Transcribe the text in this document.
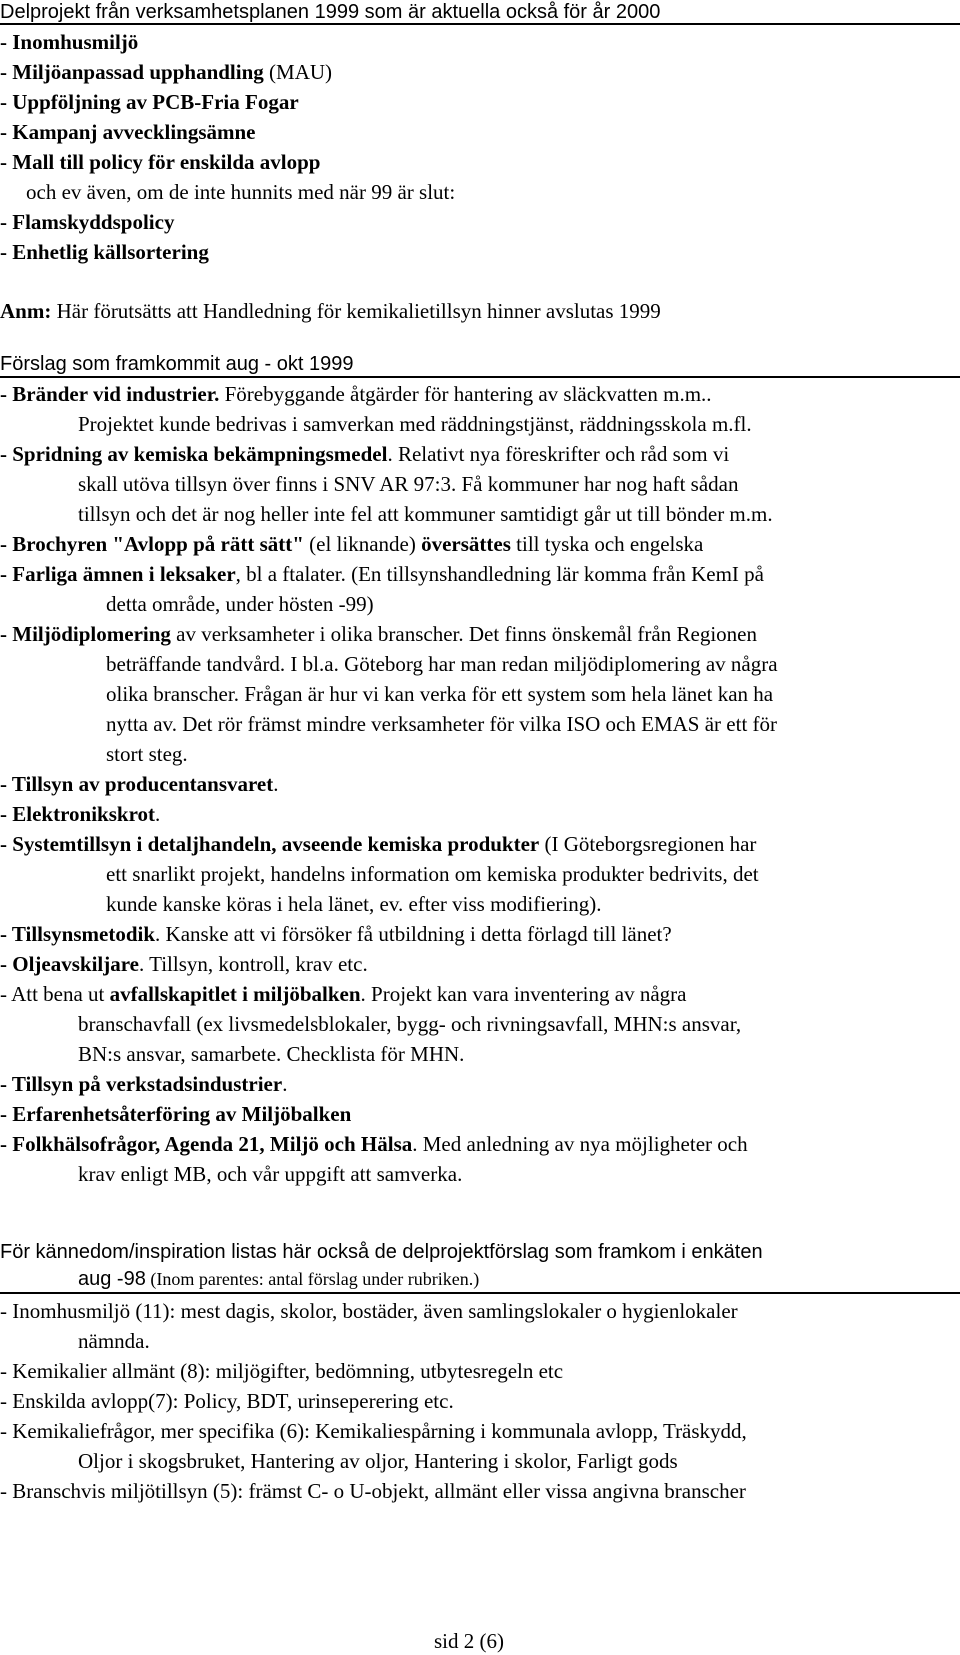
Delprojekt från verksamhetsplanen 1999 som är aktuella också för år 2000
- Inomhusmiljö
- Miljöanpassad upphandling (MAU)
- Uppföljning av PCB-Fria Fogar
- Kampanj avvecklingsämne
- Mall till policy för enskilda avlopp
och ev även, om de inte hunnits med när 99 är slut:
- Flamskyddspolicy
- Enhetlig källsortering
Anm: Här förutsätts att Handledning för kemikalietillsyn hinner avslutas 1999
Förslag som framkommit aug - okt 1999
- Bränder vid industrier. Förebyggande åtgärder för hantering av släckvatten m.m..
Projektet kunde bedrivas i samverkan med räddningstjänst, räddningsskola m.fl.
- Spridning av kemiska bekämpningsmedel. Relativt nya föreskrifter och råd som vi
skall utöva tillsyn över finns i SNV AR 97:3. Få kommuner har nog haft sådan
tillsyn och det är nog heller inte fel att kommuner samtidigt går ut till bönder m.m.
- Brochyren "Avlopp på rätt sätt" (el liknande) översättes till tyska och engelska
- Farliga ämnen i leksaker, bl a ftalater. (En tillsynshandledning lär komma från KemI på
detta område, under hösten -99)
- Miljödiplomering av verksamheter i olika branscher. Det finns önskemål från Regionen
beträffande tandvård. I bl.a. Göteborg har man redan miljödiplomering av några
olika branscher. Frågan är hur vi kan verka för ett system som hela länet kan ha
nytta av. Det rör främst mindre verksamheter för vilka ISO och EMAS är ett för
stort steg.
- Tillsyn av producentansvaret.
- Elektronikskrot.
- Systemtillsyn i detaljhandeln, avseende kemiska produkter (I Göteborgsregionen har
ett snarlikt projekt, handelns information om kemiska produkter bedrivits, det
kunde kanske köras i hela länet, ev. efter viss modifiering).
- Tillsynsmetodik. Kanske att vi försöker få utbildning i detta förlagd till länet?
- Oljeavskiljare. Tillsyn, kontroll, krav etc.
- Att bena ut avfallskapitlet i miljöbalken. Projekt kan vara inventering av några
branschavfall (ex livsmedelsblokaler, bygg- och rivningsavfall, MHN:s ansvar,
BN:s ansvar, samarbete. Checklista för MHN.
- Tillsyn på verkstadsindustrier.
- Erfarenhetsåterföring av Miljöbalken
- Folkhälsofrågor, Agenda 21, Miljö och Hälsa. Med anledning av nya möjligheter och
krav enligt MB, och vår uppgift att samverka.
För kännedom/inspiration listas här också de delprojektförslag som framkom i enkäten
aug -98 (Inom parentes: antal förslag under rubriken.)
- Inomhusmiljö (11): mest dagis, skolor, bostäder, även samlingslokaler o hygienlokaler
nämnda.
- Kemikalier allmänt (8): miljögifter, bedömning, utbytesregeln etc
- Enskilda avlopp(7): Policy, BDT, urinseperering etc.
- Kemikaliefrågor, mer specifika (6): Kemikaliespårning i kommunala avlopp, Träskydd,
Oljor i skogsbruket, Hantering av oljor, Hantering i skolor, Farligt gods
- Branschvis miljötillsyn (5): främst C- o U-objekt, allmänt eller vissa angivna branscher
sid 2 (6)
